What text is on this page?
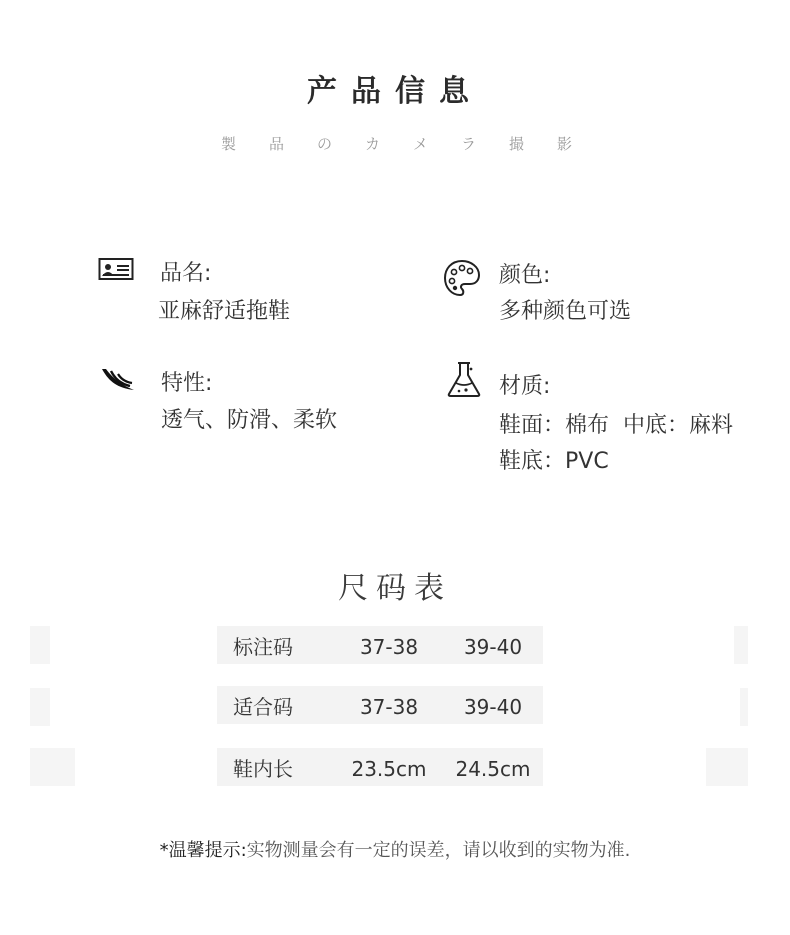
产品信息
製品のカメラ撮影
品名:
亚麻舒适拖鞋
颜色:
多种颜色可选
特性:
透气、防滑、柔软
材质:
鞋面：棉布  中底：麻料
鞋底：PVC
尺码表
标注码	37-38	39-40
适合码	37-38	39-40
鞋内长	23.5cm	24.5cm
*温馨提示:实物测量会有一定的误差，请以收到的实物为准.
